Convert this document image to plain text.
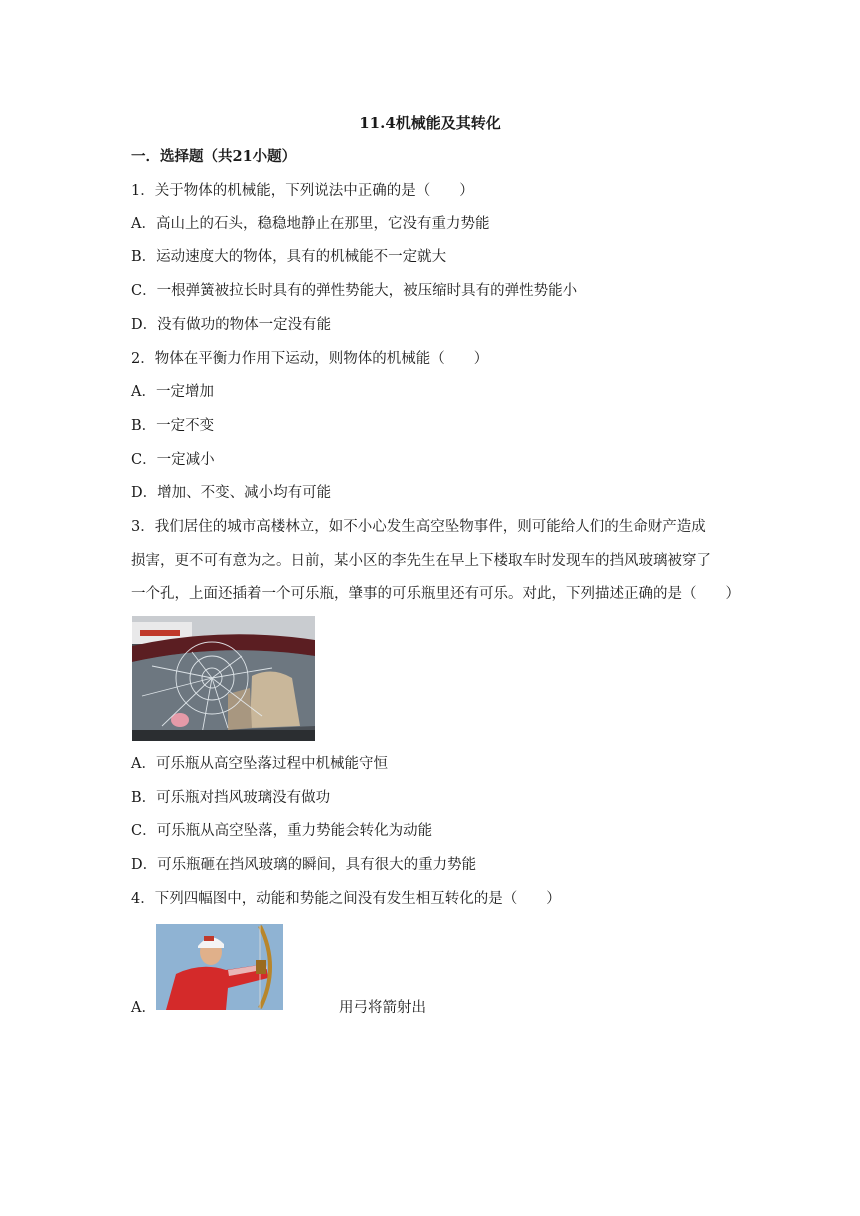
11.4机械能及其转化
一．选择题（共21小题）
1．关于物体的机械能，下列说法中正确的是（　　）
A．高山上的石头，稳稳地静止在那里，它没有重力势能
B．运动速度大的物体，具有的机械能不一定就大
C．一根弹簧被拉长时具有的弹性势能大，被压缩时具有的弹性势能小
D．没有做功的物体一定没有能
2．物体在平衡力作用下运动，则物体的机械能（　　）
A．一定增加
B．一定不变
C．一定减小
D．增加、不变、减小均有可能
3．我们居住的城市高楼林立，如不小心发生高空坠物事件，则可能给人们的生命财产造成
损害，更不可有意为之。日前，某小区的李先生在早上下楼取车时发现车的挡风玻璃被穿了
一个孔，上面还插着一个可乐瓶，肇事的可乐瓶里还有可乐。对此，下列描述正确的是（　　）
A．可乐瓶从高空坠落过程中机械能守恒
B．可乐瓶对挡风玻璃没有做功
C．可乐瓶从高空坠落，重力势能会转化为动能
D．可乐瓶砸在挡风玻璃的瞬间，具有很大的重力势能
4．下列四幅图中，动能和势能之间没有发生相互转化的是（　　）
A．	用弓将箭射出
